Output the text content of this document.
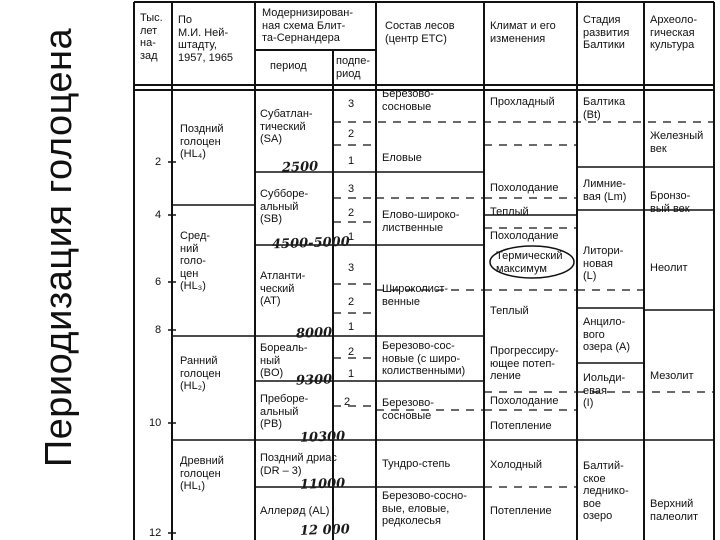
Периодизация голоцена
Тыс.
лет
на-
зад
По
М.И. Ней-
штадту,
1957, 1965
Модернизирован-
ная схема Блит-
та-Сернандера
период	подпе-
риод
Состав лесов
(центр ЕТС)
Климат и его
изменения
Стадия
развития
Балтики
Археоло-
гическая
культура
2
4
6
8
10
12
Поздний
голоцен
(HL₄)
Сред-
ний
голо-
цен
(HL₃)
Ранний
голоцен
(HL₂)
Древний
голоцен
(HL₁)
Субатлан-
тический
(SA)
Субборе-
альный
(SB)
Атланти-
ческий
(AT)
Бореаль-
ный
(BO)
Преборе-
альный
(PB)
Поздний дриас
(DR – 3)
Аллерøд (AL)
3
2
1
3
2
1
3
2
1
2
1
2
2500
4500-5000
8000
9300
10300
11000
12 000
Березово-
сосновые
Еловые
Елово-широко-
лиственные
Широколист-
венные
Березово-сос-
новые (с широ-
колиственными)
Березово-
сосновые
Тундро-степь
Березово-сосно-
вые, еловые,
редколесья
Прохладный
Похолодание
Теплый
Похолодание
Термический
максимум
Теплый
Прогрессиру-
ющее потеп-
ление
Похолодание
Потепление
Холодный
Потепление
Балтика
(Bt)
Лимние-
вая (Lm)
Литори-
новая
(L)
Анцило-
вого
озера (А)
Иольди-
евая
(I)
Балтий-
ское
леднико-
вое
озеро
Железный
век
Бронзо-
вый век
Неолит
Мезолит
Верхний
палеолит
